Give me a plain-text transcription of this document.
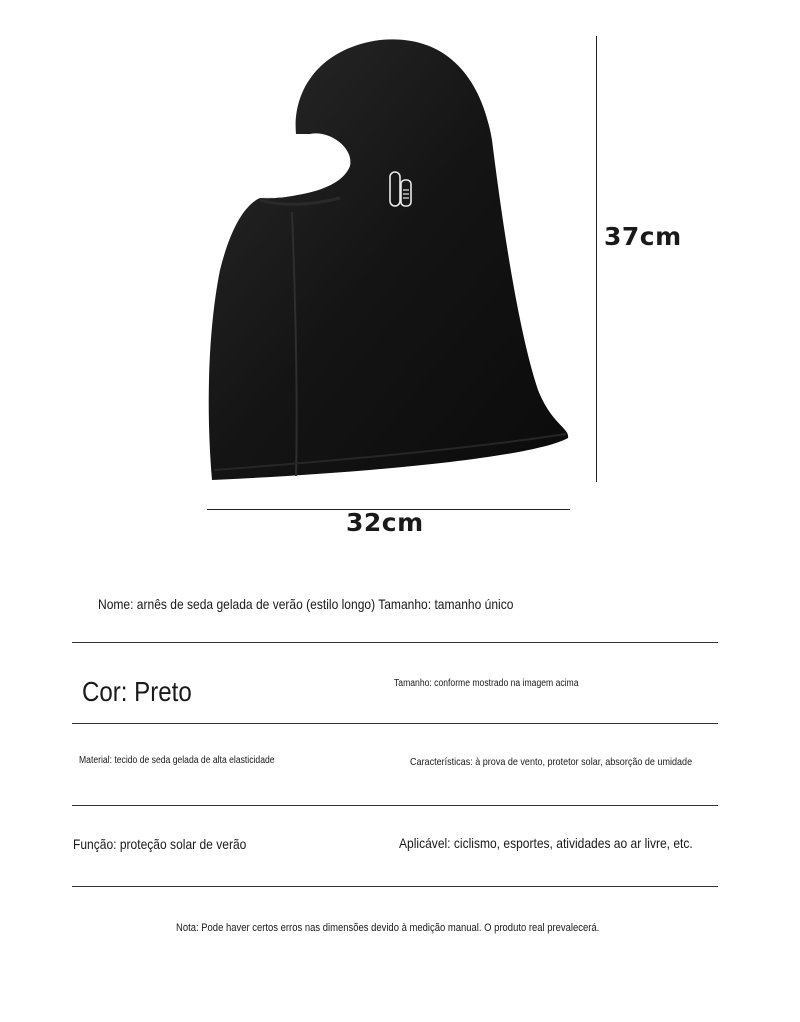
37cm
32cm
Nome: arnês de seda gelada de verão (estilo longo) Tamanho: tamanho único
Cor: Preto	Tamanho: conforme mostrado na imagem acima
Material: tecido de seda gelada de alta elasticidade	Características: à prova de vento, protetor solar, absorção de umidade
Função: proteção solar de verão	Aplicável: ciclismo, esportes, atividades ao ar livre, etc.
Nota: Pode haver certos erros nas dimensões devido à medição manual. O produto real prevalecerá.
